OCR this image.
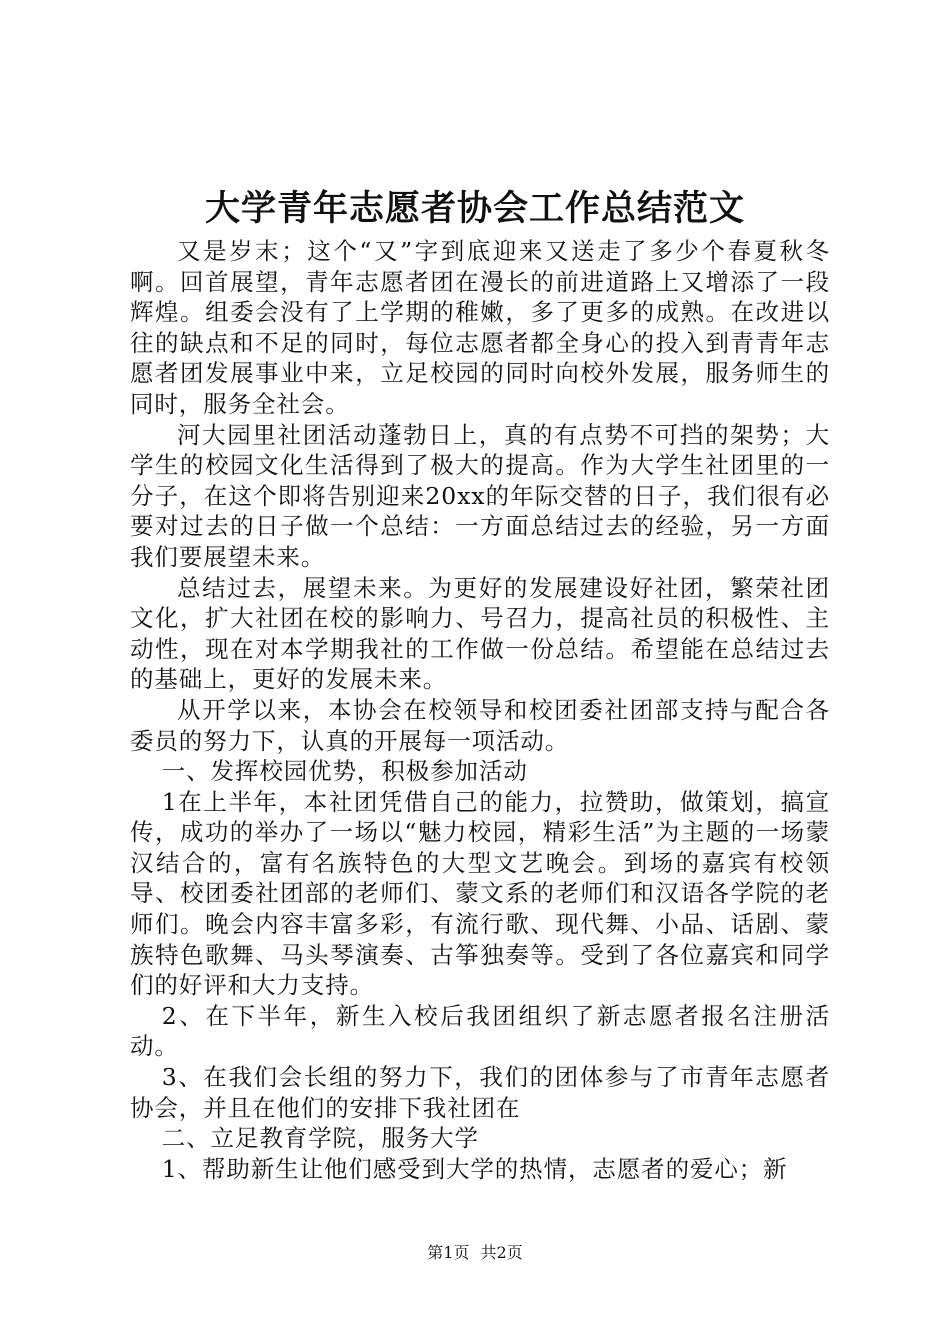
大学青年志愿者协会工作总结范文

又是岁末；这个“又”字到底迎来又送走了多少个春夏秋冬啊。回首展望，青年志愿者团在漫长的前进道路上又增添了一段辉煌。组委会没有了上学期的稚嫩，多了更多的成熟。在改进以往的缺点和不足的同时，每位志愿者都全身心的投入到青青年志愿者团发展事业中来，立足校园的同时向校外发展，服务师生的同时，服务全社会。

河大园里社团活动蓬勃日上，真的有点势不可挡的架势；大学生的校园文化生活得到了极大的提高。作为大学生社团里的一分子，在这个即将告别迎来20xx的年际交替的日子，我们很有必要对过去的日子做一个总结：一方面总结过去的经验，另一方面我们要展望未来。

总结过去，展望未来。为更好的发展建设好社团，繁荣社团文化，扩大社团在校的影响力、号召力，提高社员的积极性、主动性，现在对本学期我社的工作做一份总结。希望能在总结过去的基础上，更好的发展未来。

从开学以来，本协会在校领导和校团委社团部支持与配合各委员的努力下，认真的开展每一项活动。

一、发挥校园优势，积极参加活动

1在上半年，本社团凭借自己的能力，拉赞助，做策划，搞宣传，成功的举办了一场以“魅力校园，精彩生活”为主题的一场蒙汉结合的，富有名族特色的大型文艺晚会。到场的嘉宾有校领导、校团委社团部的老师们、蒙文系的老师们和汉语各学院的老师们。晚会内容丰富多彩，有流行歌、现代舞、小品、话剧、蒙族特色歌舞、马头琴演奏、古筝独奏等。受到了各位嘉宾和同学们的好评和大力支持。

2、在下半年，新生入校后我团组织了新志愿者报名注册活动。

3、在我们会长组的努力下，我们的团体参与了市青年志愿者协会，并且在他们的安排下我社团在

二、立足教育学院，服务大学

1、帮助新生让他们感受到大学的热情，志愿者的爱心；新

第1页 共2页
